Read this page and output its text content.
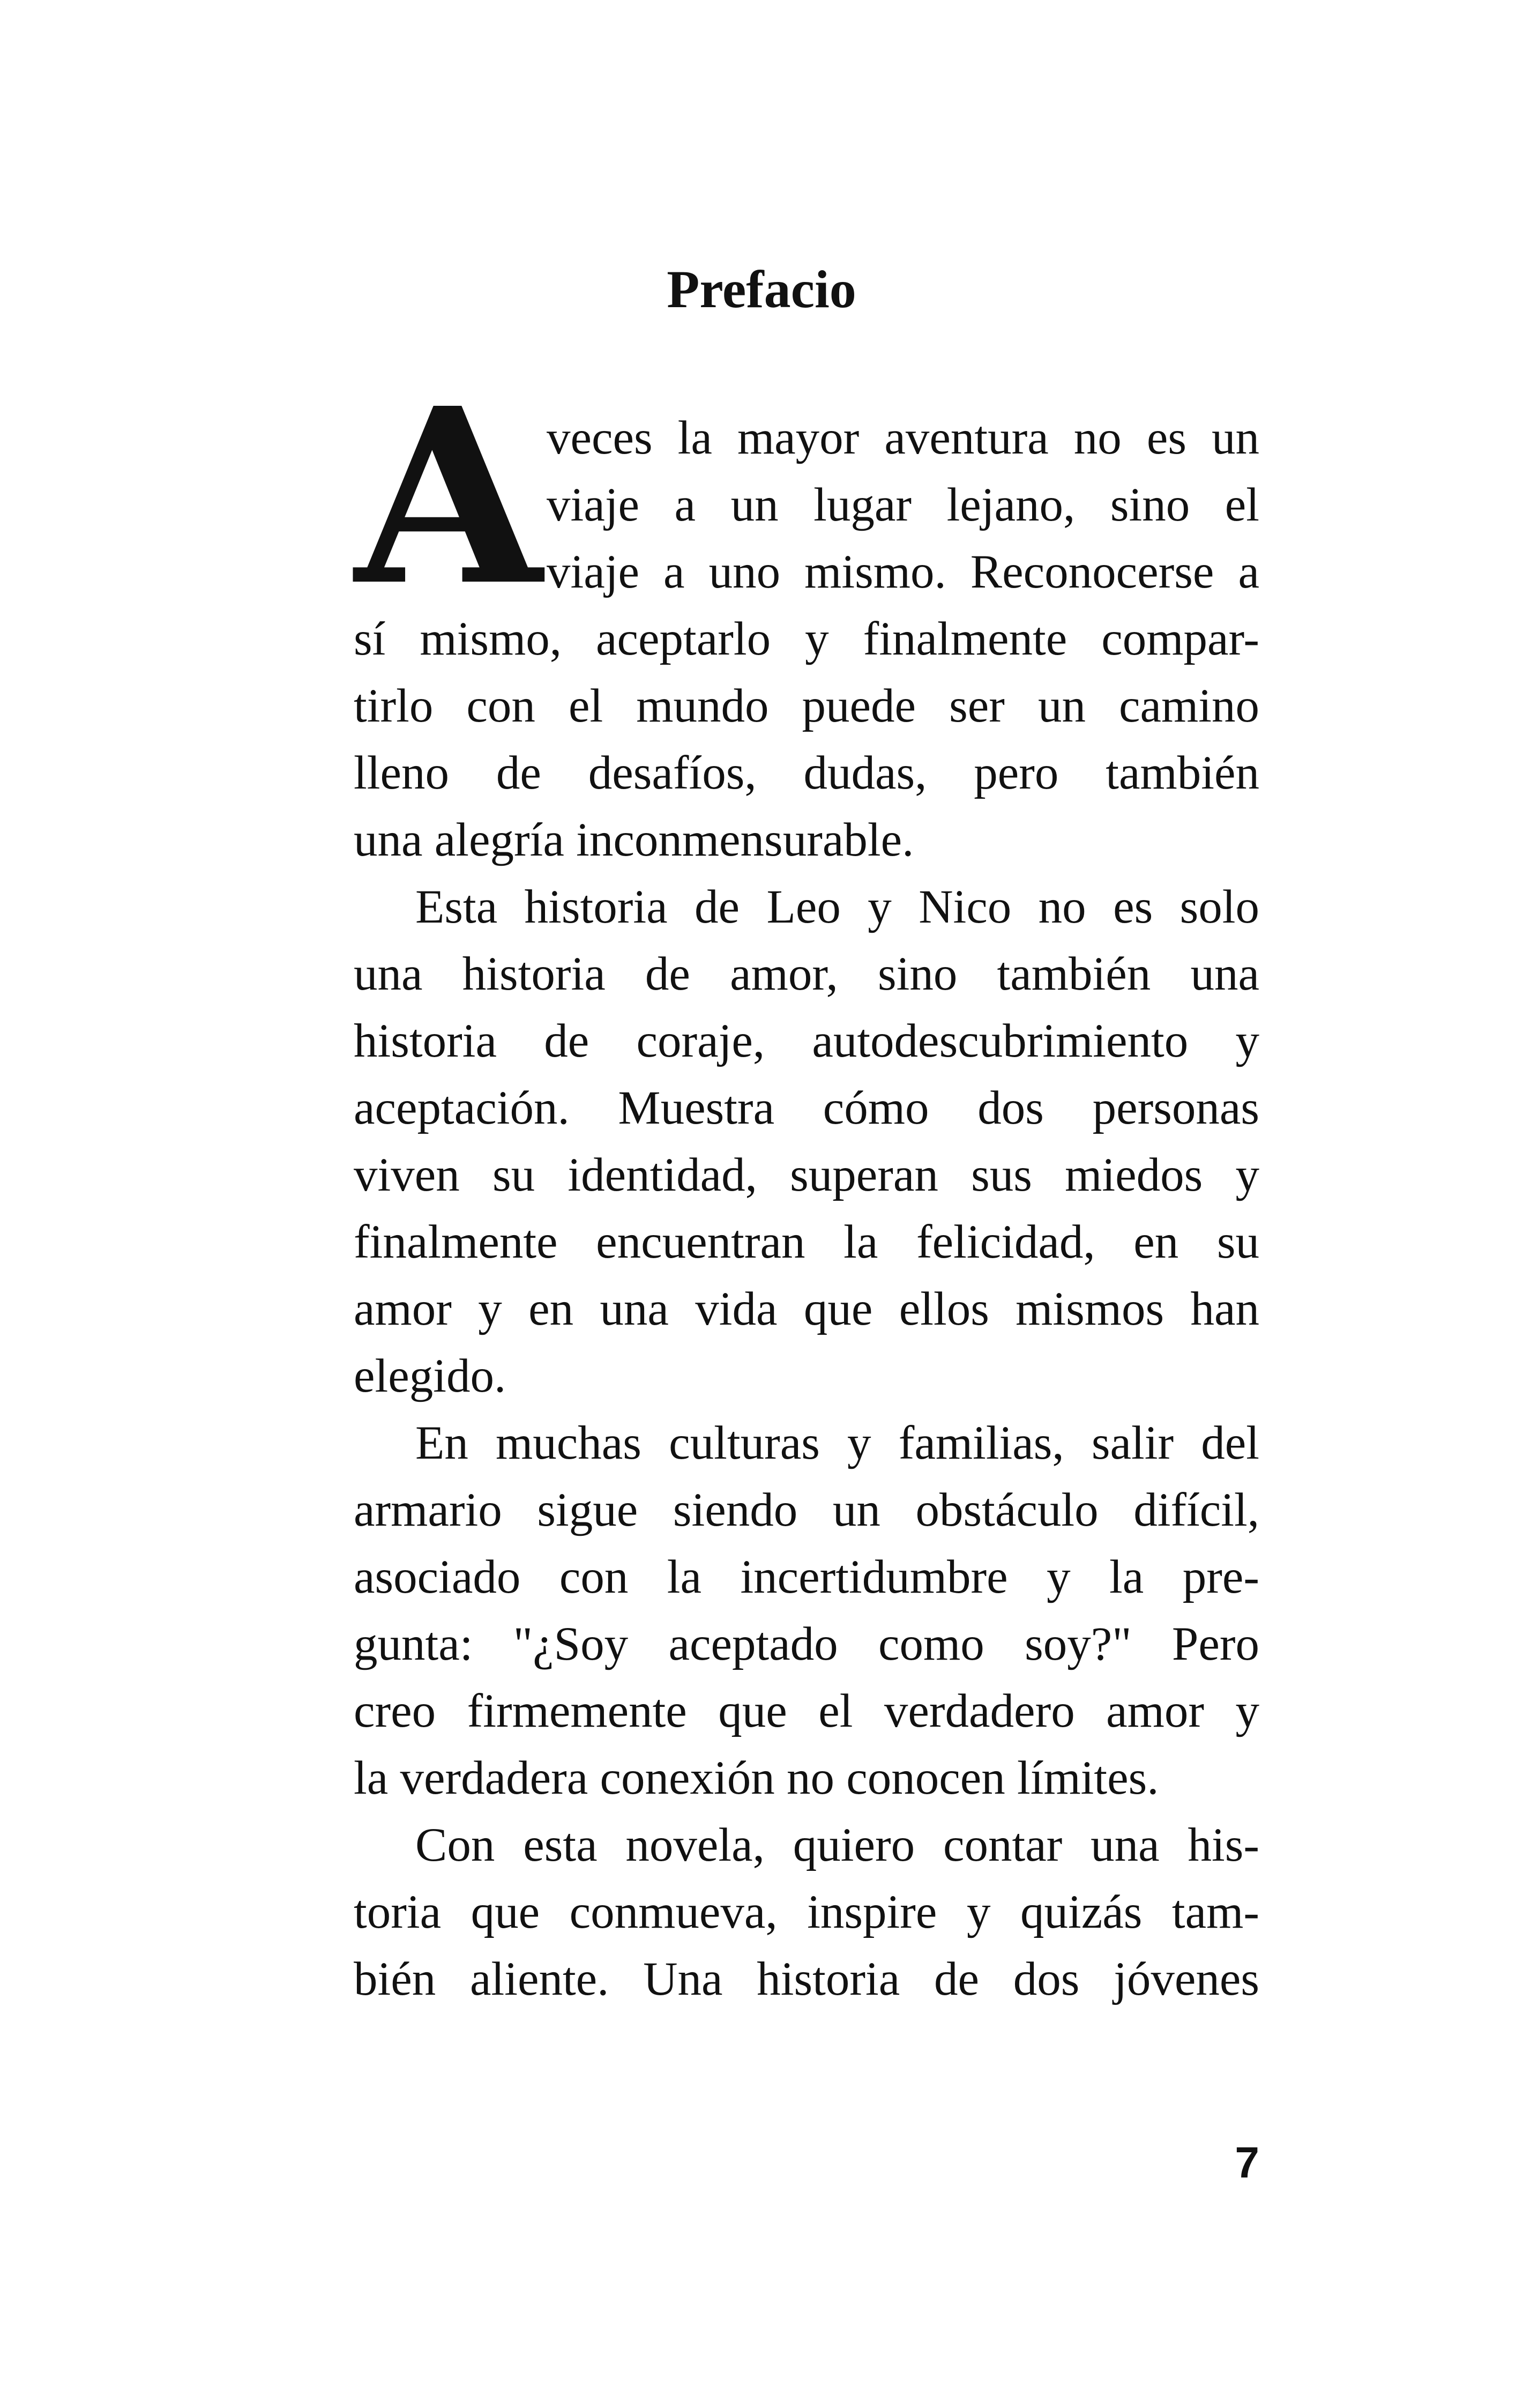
Prefacio
A veces la mayor aventura no es un
viaje a un lugar lejano, sino el
viaje a uno mismo. Reconocerse a
sí mismo, aceptarlo y finalmente compar-
tirlo con el mundo puede ser un camino
lleno de desafíos, dudas, pero también
una alegría inconmensurable.
Esta historia de Leo y Nico no es solo
una historia de amor, sino también una
historia de coraje, autodescubrimiento y
aceptación. Muestra cómo dos personas
viven su identidad, superan sus miedos y
finalmente encuentran la felicidad, en su
amor y en una vida que ellos mismos han
elegido.
En muchas culturas y familias, salir del
armario sigue siendo un obstáculo difícil,
asociado con la incertidumbre y la pre-
gunta: "¿Soy aceptado como soy?" Pero
creo firmemente que el verdadero amor y
la verdadera conexión no conocen límites.
Con esta novela, quiero contar una his-
toria que conmueva, inspire y quizás tam-
bién aliente. Una historia de dos jóvenes
7
